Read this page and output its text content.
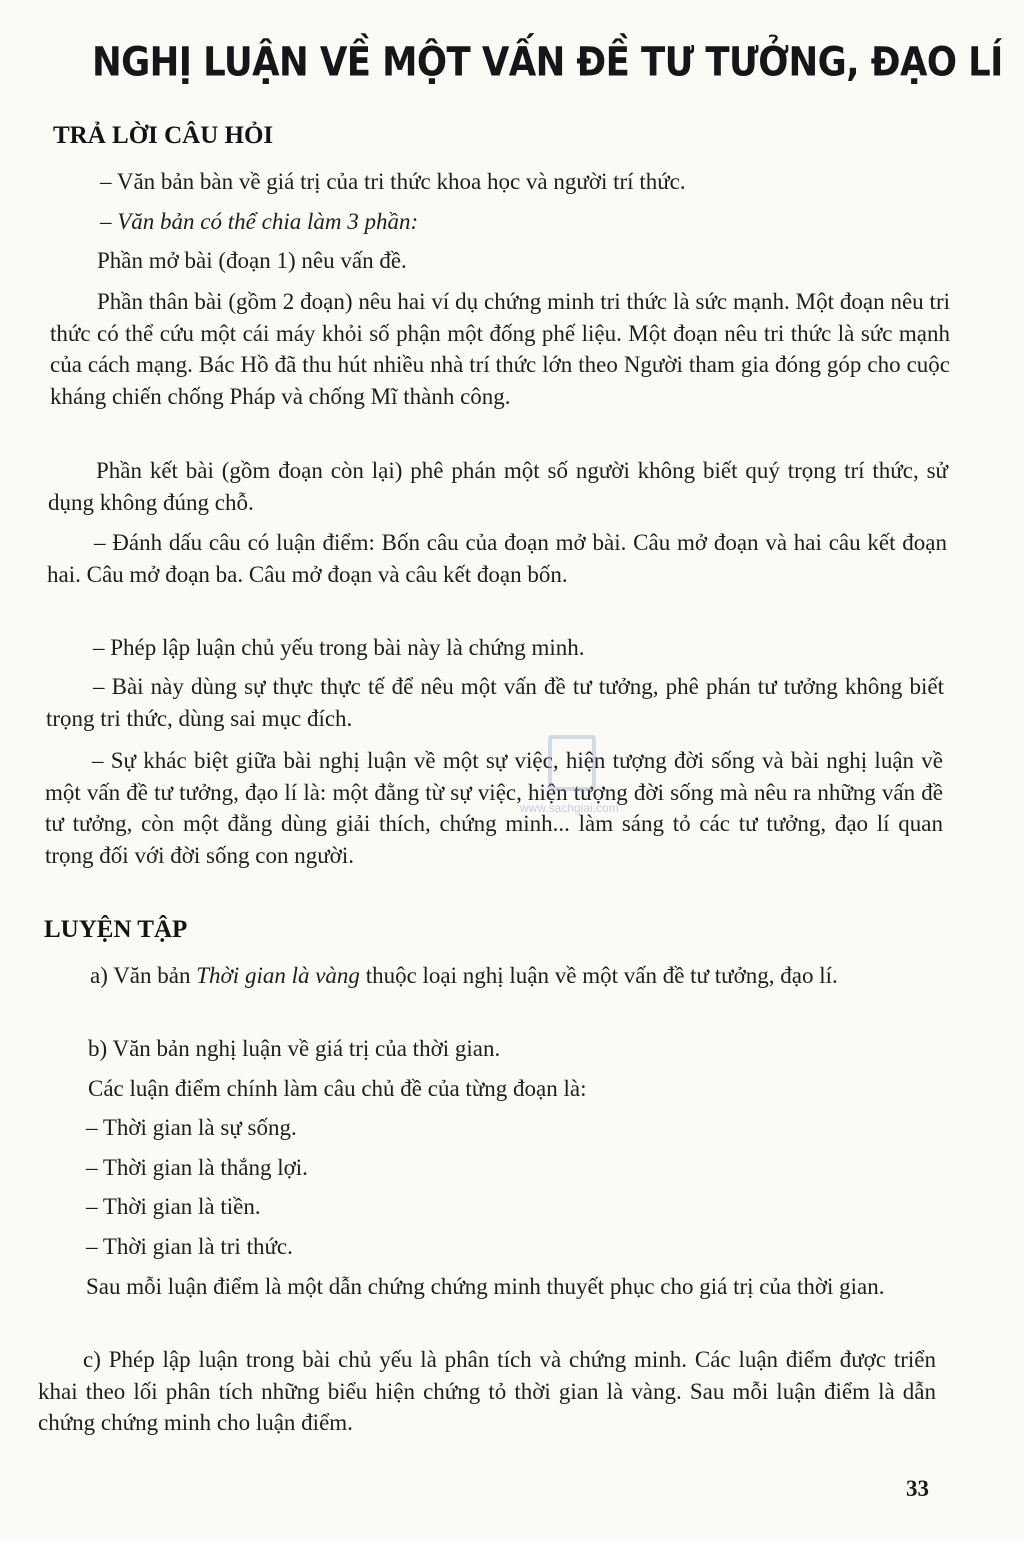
NGHỊ LUẬN VỀ MỘT VẤN ĐỀ TƯ TƯỞNG, ĐẠO LÍ
TRẢ LỜI CÂU HỎI

– Văn bản bàn về giá trị của tri thức khoa học và người trí thức.

– Văn bản có thể chia làm 3 phần:

Phần mở bài (đoạn 1) nêu vấn đề.

Phần thân bài (gồm 2 đoạn) nêu hai ví dụ chứng minh tri thức là sức mạnh. Một đoạn nêu tri thức có thể cứu một cái máy khỏi số phận một đống phế liệu. Một đoạn nêu tri thức là sức mạnh của cách mạng. Bác Hồ đã thu hút nhiều nhà trí thức lớn theo Người tham gia đóng góp cho cuộc kháng chiến chống Pháp và chống Mĩ thành công.

Phần kết bài (gồm đoạn còn lại) phê phán một số người không biết quý trọng trí thức, sử dụng không đúng chỗ.

– Đánh dấu câu có luận điểm: Bốn câu của đoạn mở bài. Câu mở đoạn và hai câu kết đoạn hai. Câu mở đoạn ba. Câu mở đoạn và câu kết đoạn bốn.

– Phép lập luận chủ yếu trong bài này là chứng minh.

– Bài này dùng sự thực thực tế để nêu một vấn đề tư tưởng, phê phán tư tưởng không biết trọng tri thức, dùng sai mục đích.

– Sự khác biệt giữa bài nghị luận về một sự việc, hiện tượng đời sống và bài nghị luận về một vấn đề tư tưởng, đạo lí là: một đằng từ sự việc, hiện tượng đời sống mà nêu ra những vấn đề tư tưởng, còn một đằng dùng giải thích, chứng minh... làm sáng tỏ các tư tưởng, đạo lí quan trọng đối với đời sống con người.

LUYỆN TẬP

a) Văn bản Thời gian là vàng thuộc loại nghị luận về một vấn đề tư tưởng, đạo lí.

b) Văn bản nghị luận về giá trị của thời gian.

Các luận điểm chính làm câu chủ đề của từng đoạn là:

– Thời gian là sự sống.

– Thời gian là thắng lợi.

– Thời gian là tiền.

– Thời gian là tri thức.

Sau mỗi luận điểm là một dẫn chứng chứng minh thuyết phục cho giá trị của thời gian.

c) Phép lập luận trong bài chủ yếu là phân tích và chứng minh. Các luận điểm được triển khai theo lối phân tích những biểu hiện chứng tỏ thời gian là vàng. Sau mỗi luận điểm là dẫn chứng chứng minh cho luận điểm.

www.sachgiai.com

33
